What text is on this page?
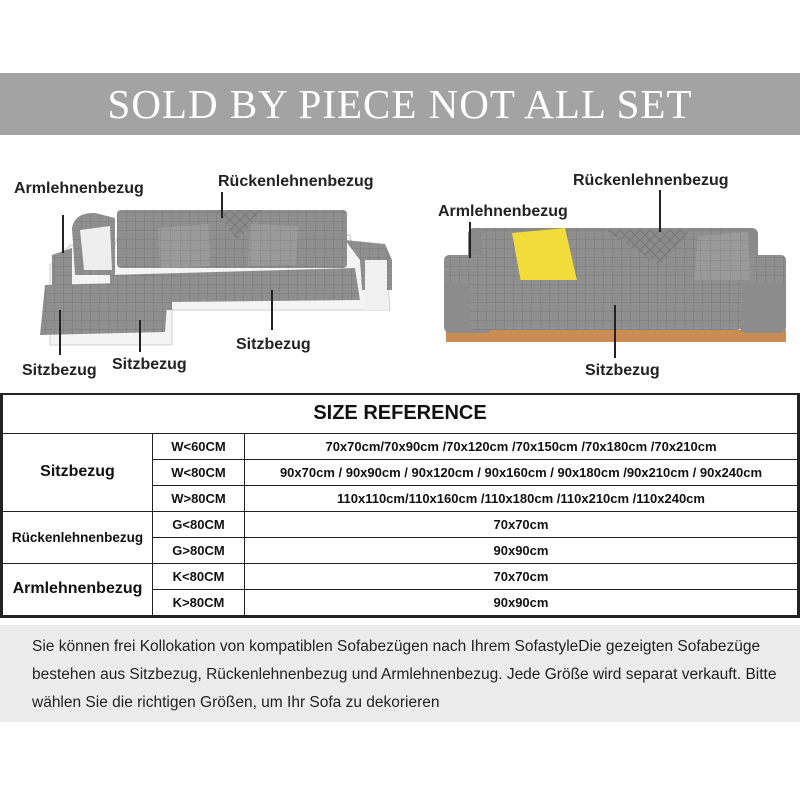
SOLD BY PIECE NOT ALL SET
Armlehnenbezug	Rückenlehnenbezug
Sitzbezug Sitzbezug
Sitzbezug
Rückenlehnenbezug
Armlehnenbezug
Sitzbezug
SIZE REFERENCE		
Sitzbezug	W<60CM	70x70cm/70x90cm /70x120cm /70x150cm /70x180cm /70x210cm
	W<80CM	90x70cm / 90x90cm / 90x120cm / 90x160cm / 90x180cm /90x210cm / 90x240cm
	W>80CM	110x110cm/110x160cm /110x180cm /110x210cm /110x240cm
Rückenlehnenbezug	G<80CM	70x70cm
	G>80CM	90x90cm
Armlehnenbezug	K<80CM	70x70cm
	K>80CM	90x90cm
Sie können frei Kollokation von kompatiblen Sofabezügen nach Ihrem SofastyleDie gezeigten Sofabezüge bestehen aus Sitzbezug, Rückenlehnenbezug und Armlehnenbezug. Jede Größe wird separat verkauft. Bitte wählen Sie die richtigen Größen, um Ihr Sofa zu dekorieren
